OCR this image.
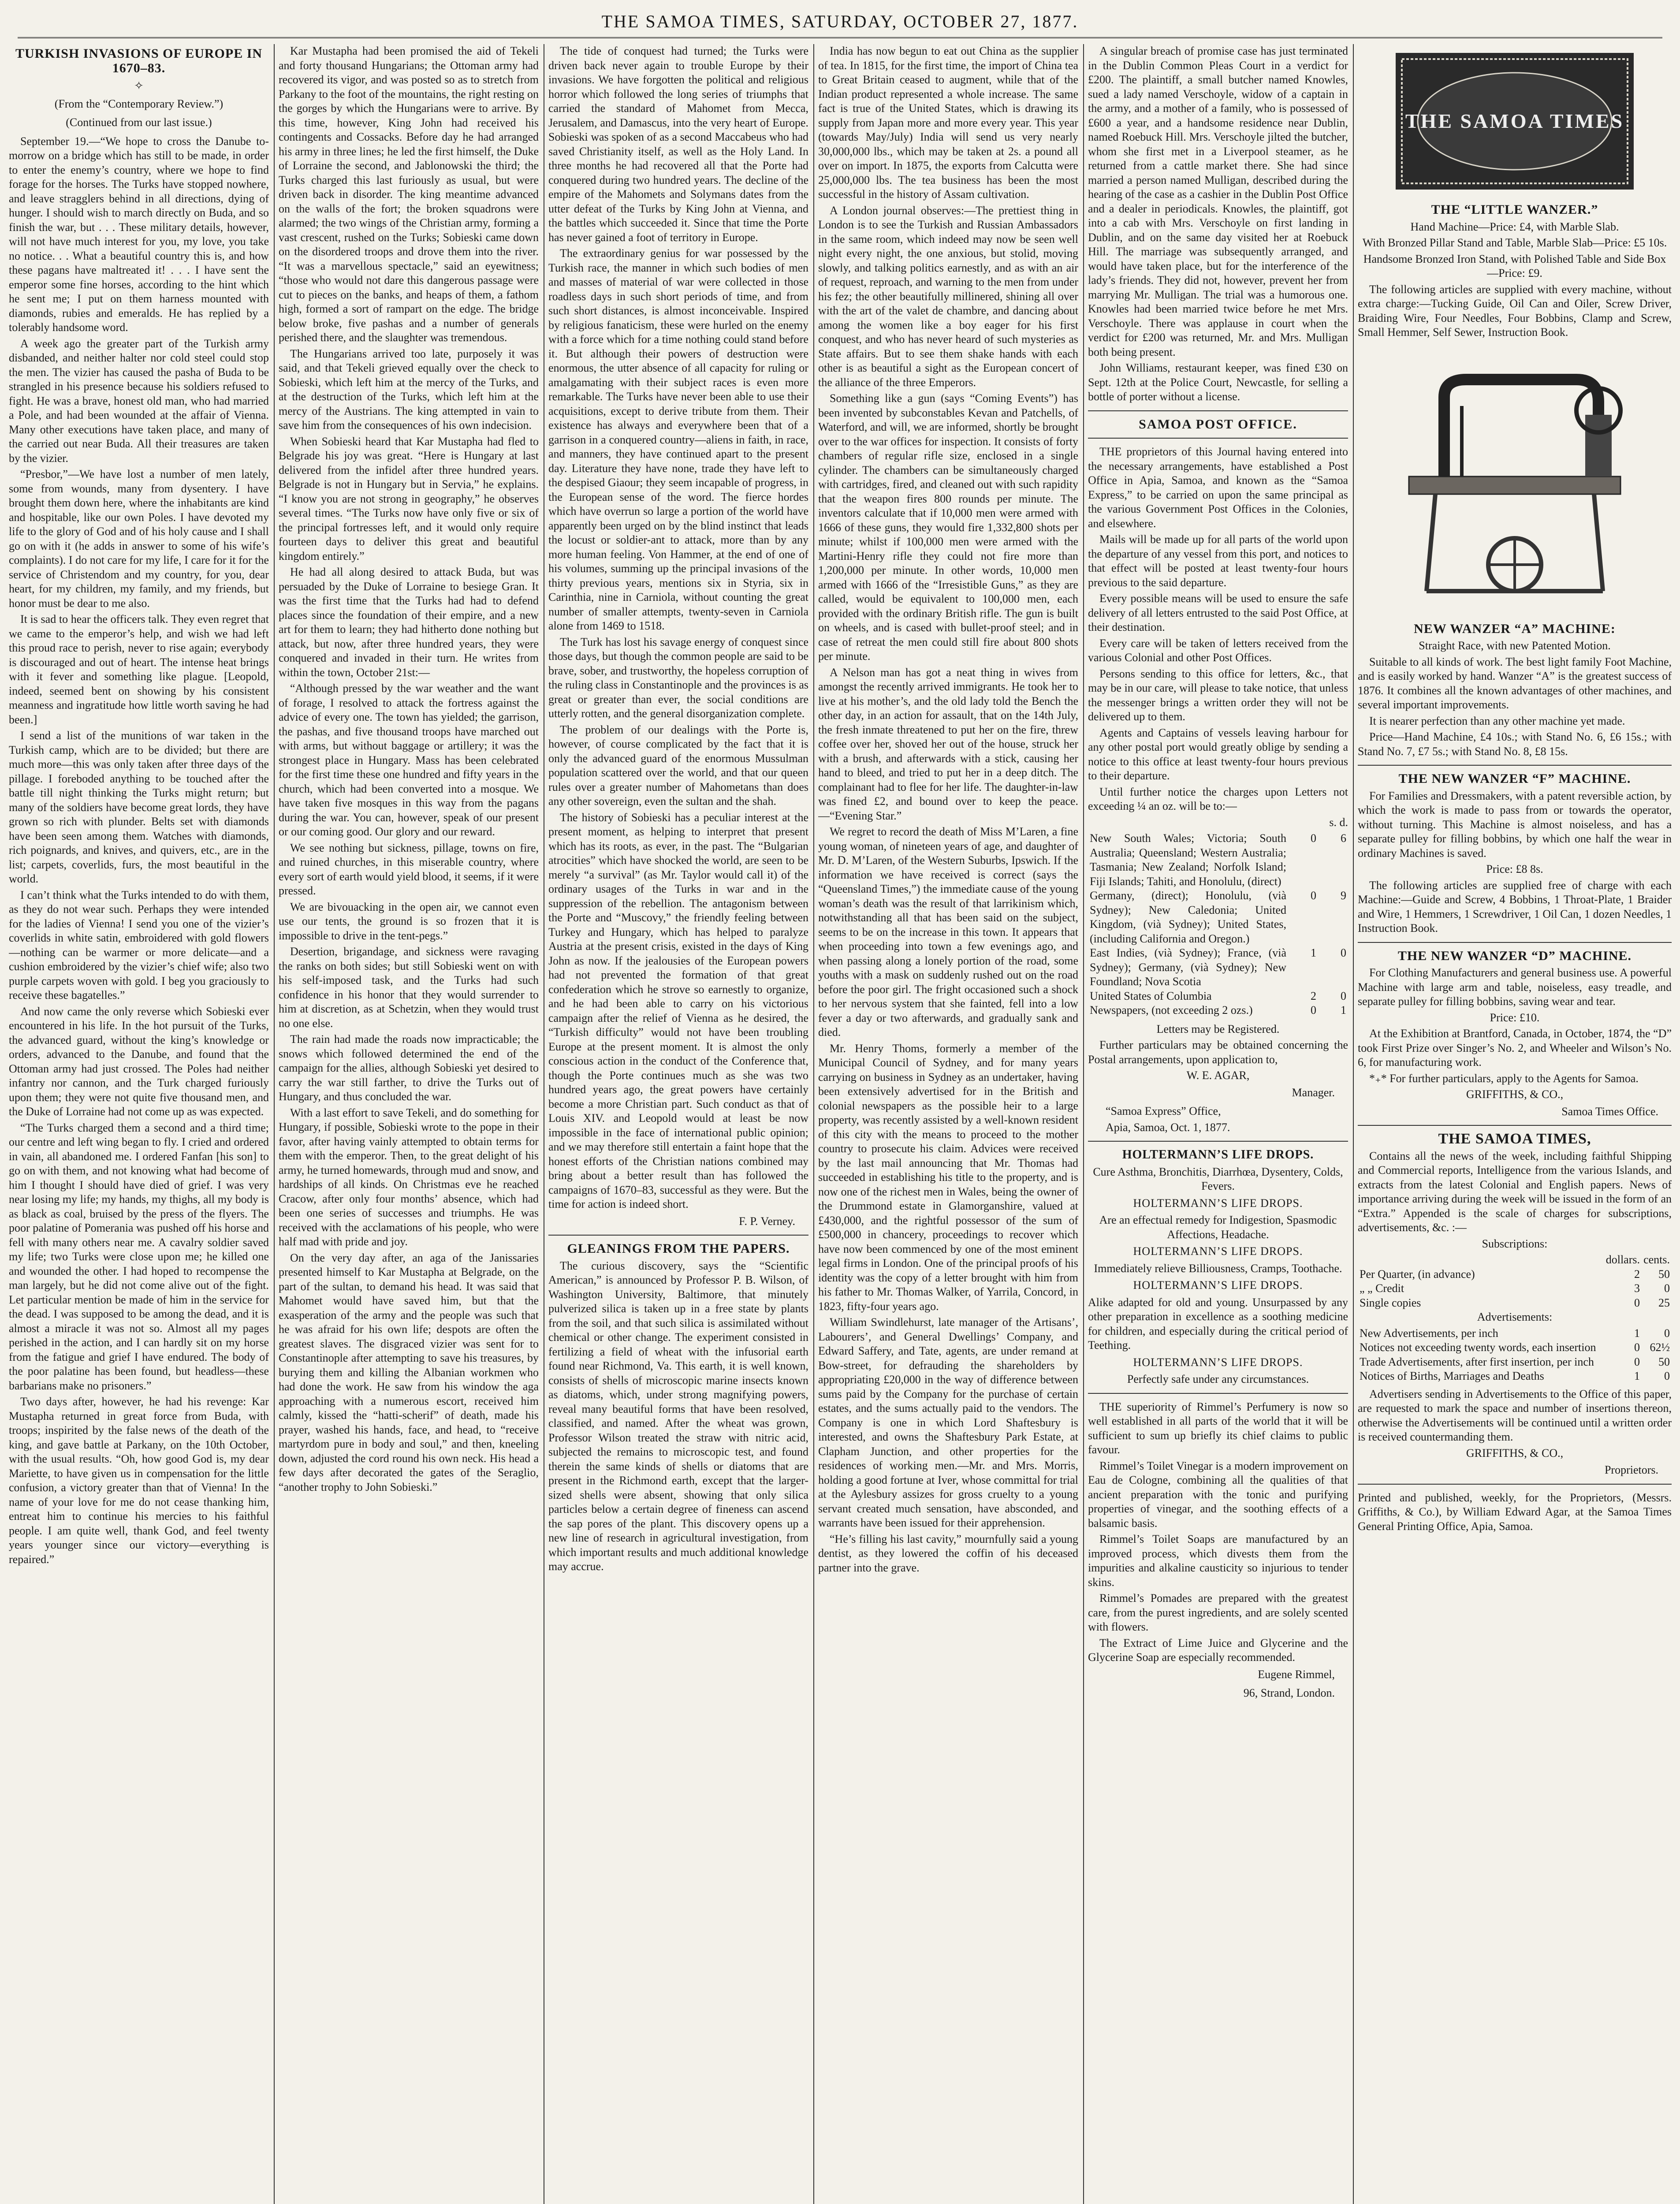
THE SAMOA TIMES, SATURDAY, OCTOBER 27, 1877.

TURKISH INVASIONS OF EUROPE IN 1670–83.

✧

(From the “Contemporary Review.”)

(Continued from our last issue.)

September 19.—“We hope to cross the Danube to-morrow on a bridge which has still to be made, in order to enter the enemy’s country, where we hope to find forage for the horses. The Turks have stopped nowhere, and leave stragglers behind in all directions, dying of hunger. I should wish to march directly on Buda, and so finish the war, but . . . These military details, however, will not have much interest for you, my love, you take no notice. . . What a beautiful country this is, and how these pagans have maltreated it! . . . I have sent the emperor some fine horses, according to the hint which he sent me; I put on them harness mounted with diamonds, rubies and emeralds. He has replied by a tolerably handsome word.

A week ago the greater part of the Turkish army disbanded, and neither halter nor cold steel could stop the men. The vizier has caused the pasha of Buda to be strangled in his presence because his soldiers refused to fight. He was a brave, honest old man, who had married a Pole, and had been wounded at the affair of Vienna. Many other executions have taken place, and many of the carried out near Buda. All their treasures are taken by the vizier.

“Presbor,”—We have lost a number of men lately, some from wounds, many from dysentery. I have brought them down here, where the inhabitants are kind and hospitable, like our own Poles. I have devoted my life to the glory of God and of his holy cause and I shall go on with it (he adds in answer to some of his wife’s complaints). I do not care for my life, I care for it for the service of Christendom and my country, for you, dear heart, for my children, my family, and my friends, but honor must be dear to me also.

It is sad to hear the officers talk. They even regret that we came to the emperor’s help, and wish we had left this proud race to perish, never to rise again; everybody is discouraged and out of heart. The intense heat brings with it fever and something like plague. [Leopold, indeed, seemed bent on showing by his consistent meanness and ingratitude how little worth saving he had been.]

I send a list of the munitions of war taken in the Turkish camp, which are to be divided; but there are much more—this was only taken after three days of the pillage. I foreboded anything to be touched after the battle till night thinking the Turks might return; but many of the soldiers have become great lords, they have grown so rich with plunder. Belts set with diamonds have been seen among them. Watches with diamonds, rich poignards, and knives, and quivers, etc., are in the list; carpets, coverlids, furs, the most beautiful in the world.

I can’t think what the Turks intended to do with them, as they do not wear such. Perhaps they were intended for the ladies of Vienna! I send you one of the vizier’s coverlids in white satin, embroidered with gold flowers—nothing can be warmer or more delicate—and a cushion embroidered by the vizier’s chief wife; also two purple carpets woven with gold. I beg you graciously to receive these bagatelles.”

And now came the only reverse which Sobieski ever encountered in his life. In the hot pursuit of the Turks, the advanced guard, without the king’s knowledge or orders, advanced to the Danube, and found that the Ottoman army had just crossed. The Poles had neither infantry nor cannon, and the Turk charged furiously upon them; they were not quite five thousand men, and the Duke of Lorraine had not come up as was expected.

“The Turks charged them a second and a third time; our centre and left wing began to fly. I cried and ordered in vain, all abandoned me. I ordered Fanfan [his son] to go on with them, and not knowing what had become of him I thought I should have died of grief. I was very near losing my life; my hands, my thighs, all my body is as black as coal, bruised by the press of the flyers. The poor palatine of Pomerania was pushed off his horse and fell with many others near me. A cavalry soldier saved my life; two Turks were close upon me; he killed one and wounded the other. I had hoped to recompense the man largely, but he did not come alive out of the fight. Let particular mention be made of him in the service for the dead. I was supposed to be among the dead, and it is almost a miracle it was not so. Almost all my pages perished in the action, and I can hardly sit on my horse from the fatigue and grief I have endured. The body of the poor palatine has been found, but headless—these barbarians make no prisoners.”

Two days after, however, he had his revenge: Kar Mustapha returned in great force from Buda, with troops; inspirited by the false news of the death of the king, and gave battle at Parkany, on the 10th October, with the usual results. “Oh, how good God is, my dear Mariette, to have given us in compensation for the little confusion, a victory greater than that of Vienna! In the name of your love for me do not cease thanking him, entreat him to continue his mercies to his faithful people. I am quite well, thank God, and feel twenty years younger since our victory—everything is repaired.”

Kar Mustapha had been promised the aid of Tekeli and forty thousand Hungarians; the Ottoman army had recovered its vigor, and was posted so as to stretch from Parkany to the foot of the mountains, the right resting on the gorges by which the Hungarians were to arrive. By this time, however, King John had received his contingents and Cossacks. Before day he had arranged his army in three lines; he led the first himself, the Duke of Lorraine the second, and Jablonowski the third; the Turks charged this last furiously as usual, but were driven back in disorder. The king meantime advanced on the walls of the fort; the broken squadrons were alarmed; the two wings of the Christian army, forming a vast crescent, rushed on the Turks; Sobieski came down on the disordered troops and drove them into the river. “It was a marvellous spectacle,” said an eyewitness; “those who would not dare this dangerous passage were cut to pieces on the banks, and heaps of them, a fathom high, formed a sort of rampart on the edge. The bridge below broke, five pashas and a number of generals perished there, and the slaughter was tremendous.

The Hungarians arrived too late, purposely it was said, and that Tekeli grieved equally over the check to Sobieski, which left him at the mercy of the Turks, and at the destruction of the Turks, which left him at the mercy of the Austrians. The king attempted in vain to save him from the consequences of his own indecision.

When Sobieski heard that Kar Mustapha had fled to Belgrade his joy was great. “Here is Hungary at last delivered from the infidel after three hundred years. Belgrade is not in Hungary but in Servia,” he explains. “I know you are not strong in geography,” he observes several times. “The Turks now have only five or six of the principal fortresses left, and it would only require fourteen days to deliver this great and beautiful kingdom entirely.”

He had all along desired to attack Buda, but was persuaded by the Duke of Lorraine to besiege Gran. It was the first time that the Turks had had to defend places since the foundation of their empire, and a new art for them to learn; they had hitherto done nothing but attack, but now, after three hundred years, they were conquered and invaded in their turn. He writes from within the town, October 21st:—

“Although pressed by the war weather and the want of forage, I resolved to attack the fortress against the advice of every one. The town has yielded; the garrison, the pashas, and five thousand troops have marched out with arms, but without baggage or artillery; it was the strongest place in Hungary. Mass has been celebrated for the first time these one hundred and fifty years in the church, which had been converted into a mosque. We have taken five mosques in this way from the pagans during the war. You can, however, speak of our present or our coming good. Our glory and our reward.

We see nothing but sickness, pillage, towns on fire, and ruined churches, in this miserable country, where every sort of earth would yield blood, it seems, if it were pressed.

We are bivouacking in the open air, we cannot even use our tents, the ground is so frozen that it is impossible to drive in the tent-pegs.”

Desertion, brigandage, and sickness were ravaging the ranks on both sides; but still Sobieski went on with his self-imposed task, and the Turks had such confidence in his honor that they would surrender to him at discretion, as at Schetzin, when they would trust no one else.

The rain had made the roads now impracticable; the snows which followed determined the end of the campaign for the allies, although Sobieski yet desired to carry the war still farther, to drive the Turks out of Hungary, and thus concluded the war.

With a last effort to save Tekeli, and do something for Hungary, if possible, Sobieski wrote to the pope in their favor, after having vainly attempted to obtain terms for them with the emperor. Then, to the great delight of his army, he turned homewards, through mud and snow, and hardships of all kinds. On Christmas eve he reached Cracow, after only four months’ absence, which had been one series of successes and triumphs. He was received with the acclamations of his people, who were half mad with pride and joy.

On the very day after, an aga of the Janissaries presented himself to Kar Mustapha at Belgrade, on the part of the sultan, to demand his head. It was said that Mahomet would have saved him, but that the exasperation of the army and the people was such that he was afraid for his own life; despots are often the greatest slaves. The disgraced vizier was sent for to Constantinople after attempting to save his treasures, by burying them and killing the Albanian workmen who had done the work. He saw from his window the aga approaching with a numerous escort, received him calmly, kissed the “hatti-scherif” of death, made his prayer, washed his hands, face, and head, to “receive martyrdom pure in body and soul,” and then, kneeling down, adjusted the cord round his own neck. His head a few days after decorated the gates of the Seraglio, “another trophy to John Sobieski.”

The tide of conquest had turned; the Turks were driven back never again to trouble Europe by their invasions. We have forgotten the political and religious horror which followed the long series of triumphs that carried the standard of Mahomet from Mecca, Jerusalem, and Damascus, into the very heart of Europe. Sobieski was spoken of as a second Maccabeus who had saved Christianity itself, as well as the Holy Land. In three months he had recovered all that the Porte had conquered during two hundred years. The decline of the empire of the Mahomets and Solymans dates from the utter defeat of the Turks by King John at Vienna, and the battles which succeeded it. Since that time the Porte has never gained a foot of territory in Europe.

The extraordinary genius for war possessed by the Turkish race, the manner in which such bodies of men and masses of material of war were collected in those roadless days in such short periods of time, and from such short distances, is almost inconceivable. Inspired by religious fanaticism, these were hurled on the enemy with a force which for a time nothing could stand before it. But although their powers of destruction were enormous, the utter absence of all capacity for ruling or amalgamating with their subject races is even more remarkable. The Turks have never been able to use their acquisitions, except to derive tribute from them. Their existence has always and everywhere been that of a garrison in a conquered country—aliens in faith, in race, and manners, they have continued apart to the present day. Literature they have none, trade they have left to the despised Giaour; they seem incapable of progress, in the European sense of the word. The fierce hordes which have overrun so large a portion of the world have apparently been urged on by the blind instinct that leads the locust or soldier-ant to attack, more than by any more human feeling. Von Hammer, at the end of one of his volumes, summing up the principal invasions of the thirty previous years, mentions six in Styria, six in Carinthia, nine in Carniola, without counting the great number of smaller attempts, twenty-seven in Carniola alone from 1469 to 1518.

The Turk has lost his savage energy of conquest since those days, but though the common people are said to be brave, sober, and trustworthy, the hopeless corruption of the ruling class in Constantinople and the provinces is as great or greater than ever, the social conditions are utterly rotten, and the general disorganization complete.

The problem of our dealings with the Porte is, however, of course complicated by the fact that it is only the advanced guard of the enormous Mussulman population scattered over the world, and that our queen rules over a greater number of Mahometans than does any other sovereign, even the sultan and the shah.

The history of Sobieski has a peculiar interest at the present moment, as helping to interpret that present which has its roots, as ever, in the past. The “Bulgarian atrocities” which have shocked the world, are seen to be merely “a survival” (as Mr. Taylor would call it) of the ordinary usages of the Turks in war and in the suppression of the rebellion. The antagonism between the Porte and “Muscovy,” the friendly feeling between Turkey and Hungary, which has helped to paralyze Austria at the present crisis, existed in the days of King John as now. If the jealousies of the European powers had not prevented the formation of that great confederation which he strove so earnestly to organize, and he had been able to carry on his victorious campaign after the relief of Vienna as he desired, the “Turkish difficulty” would not have been troubling Europe at the present moment. It is almost the only conscious action in the conduct of the Conference that, though the Porte continues much as she was two hundred years ago, the great powers have certainly become a more Christian part. Such conduct as that of Louis XIV. and Leopold would at least be now impossible in the face of international public opinion; and we may therefore still entertain a faint hope that the honest efforts of the Christian nations combined may bring about a better result than has followed the campaigns of 1670–83, successful as they were. But the time for action is indeed short.

F. P. Verney.

GLEANINGS FROM THE PAPERS.

The curious discovery, says the “Scientific American,” is announced by Professor P. B. Wilson, of Washington University, Baltimore, that minutely pulverized silica is taken up in a free state by plants from the soil, and that such silica is assimilated without chemical or other change. The experiment consisted in fertilizing a field of wheat with the infusorial earth found near Richmond, Va. This earth, it is well known, consists of shells of microscopic marine insects known as diatoms, which, under strong magnifying powers, reveal many beautiful forms that have been resolved, classified, and named. After the wheat was grown, Professor Wilson treated the straw with nitric acid, subjected the remains to microscopic test, and found therein the same kinds of shells or diatoms that are present in the Richmond earth, except that the larger-sized shells were absent, showing that only silica particles below a certain degree of fineness can ascend the sap pores of the plant. This discovery opens up a new line of research in agricultural investigation, from which important results and much additional knowledge may accrue.

India has now begun to eat out China as the supplier of tea. In 1815, for the first time, the import of China tea to Great Britain ceased to augment, while that of the Indian product represented a whole increase. The same fact is true of the United States, which is drawing its supply from Japan more and more every year. This year (towards May/July) India will send us very nearly 30,000,000 lbs., which may be taken at 2s. a pound all over on import. In 1875, the exports from Calcutta were 25,000,000 lbs. The tea business has been the most successful in the history of Assam cultivation.

A London journal observes:—The prettiest thing in London is to see the Turkish and Russian Ambassadors in the same room, which indeed may now be seen well night every night, the one anxious, but stolid, moving slowly, and talking politics earnestly, and as with an air of request, reproach, and warning to the men from under his fez; the other beautifully millinered, shining all over with the art of the valet de chambre, and dancing about among the women like a boy eager for his first conquest, and who has never heard of such mysteries as State affairs. But to see them shake hands with each other is as beautiful a sight as the European concert of the alliance of the three Emperors.

Something like a gun (says “Coming Events”) has been invented by subconstables Kevan and Patchells, of Waterford, and will, we are informed, shortly be brought over to the war offices for inspection. It consists of forty chambers of regular rifle size, enclosed in a single cylinder. The chambers can be simultaneously charged with cartridges, fired, and cleaned out with such rapidity that the weapon fires 800 rounds per minute. The inventors calculate that if 10,000 men were armed with 1666 of these guns, they would fire 1,332,800 shots per minute; whilst if 100,000 men were armed with the Martini-Henry rifle they could not fire more than 1,200,000 per minute. In other words, 10,000 men armed with 1666 of the “Irresistible Guns,” as they are called, would be equivalent to 100,000 men, each provided with the ordinary British rifle. The gun is built on wheels, and is cased with bullet-proof steel; and in case of retreat the men could still fire about 800 shots per minute.

A Nelson man has got a neat thing in wives from amongst the recently arrived immigrants. He took her to live at his mother’s, and the old lady told the Bench the other day, in an action for assault, that on the 14th July, the fresh inmate threatened to put her on the fire, threw coffee over her, shoved her out of the house, struck her with a brush, and afterwards with a stick, causing her hand to bleed, and tried to put her in a deep ditch. The complainant had to flee for her life. The daughter-in-law was fined £2, and bound over to keep the peace.—“Evening Star.”

We regret to record the death of Miss M’Laren, a fine young woman, of nineteen years of age, and daughter of Mr. D. M’Laren, of the Western Suburbs, Ipswich. If the information we have received is correct (says the “Queensland Times,”) the immediate cause of the young woman’s death was the result of that larrikinism which, notwithstanding all that has been said on the subject, seems to be on the increase in this town. It appears that when proceeding into town a few evenings ago, and when passing along a lonely portion of the road, some youths with a mask on suddenly rushed out on the road before the poor girl. The fright occasioned such a shock to her nervous system that she fainted, fell into a low fever a day or two afterwards, and gradually sank and died.

Mr. Henry Thoms, formerly a member of the Municipal Council of Sydney, and for many years carrying on business in Sydney as an undertaker, having been extensively advertised for in the British and colonial newspapers as the possible heir to a large property, was recently assisted by a well-known resident of this city with the means to proceed to the mother country to prosecute his claim. Advices were received by the last mail announcing that Mr. Thomas had succeeded in establishing his title to the property, and is now one of the richest men in Wales, being the owner of the Drummond estate in Glamorganshire, valued at £430,000, and the rightful possessor of the sum of £500,000 in chancery, proceedings to recover which have now been commenced by one of the most eminent legal firms in London. One of the principal proofs of his identity was the copy of a letter brought with him from his father to Mr. Thomas Walker, of Yarrila, Concord, in 1823, fifty-four years ago.

William Swindlehurst, late manager of the Artisans’, Labourers’, and General Dwellings’ Company, and Edward Saffery, and Tate, agents, are under remand at Bow-street, for defrauding the shareholders by appropriating £20,000 in the way of difference between sums paid by the Company for the purchase of certain estates, and the sums actually paid to the vendors. The Company is one in which Lord Shaftesbury is interested, and owns the Shaftesbury Park Estate, at Clapham Junction, and other properties for the residences of working men.—Mr. and Mrs. Morris, holding a good fortune at Iver, whose committal for trial at the Aylesbury assizes for gross cruelty to a young servant created much sensation, have absconded, and warrants have been issued for their apprehension.

“He’s filling his last cavity,” mournfully said a young dentist, as they lowered the coffin of his deceased partner into the grave.

A singular breach of promise case has just terminated in the Dublin Common Pleas Court in a verdict for £200. The plaintiff, a small butcher named Knowles, sued a lady named Verschoyle, widow of a captain in the army, and a mother of a family, who is possessed of £600 a year, and a handsome residence near Dublin, named Roebuck Hill. Mrs. Verschoyle jilted the butcher, whom she first met in a Liverpool steamer, as he returned from a cattle market there. She had since married a person named Mulligan, described during the hearing of the case as a cashier in the Dublin Post Office and a dealer in periodicals. Knowles, the plaintiff, got into a cab with Mrs. Verschoyle on first landing in Dublin, and on the same day visited her at Roebuck Hill. The marriage was subsequently arranged, and would have taken place, but for the interference of the lady’s friends. They did not, however, prevent her from marrying Mr. Mulligan. The trial was a humorous one. Knowles had been married twice before he met Mrs. Verschoyle. There was applause in court when the verdict for £200 was returned, Mr. and Mrs. Mulligan both being present.

John Williams, restaurant keeper, was fined £30 on Sept. 12th at the Police Court, Newcastle, for selling a bottle of porter without a license.

SAMOA POST OFFICE.

THE proprietors of this Journal having entered into the necessary arrangements, have established a Post Office in Apia, Samoa, and known as the “Samoa Express,” to be carried on upon the same principal as the various Government Post Offices in the Colonies, and elsewhere.

Mails will be made up for all parts of the world upon the departure of any vessel from this port, and notices to that effect will be posted at least twenty-four hours previous to the said departure.

Every possible means will be used to ensure the safe delivery of all letters entrusted to the said Post Office, at their destination.

Every care will be taken of letters received from the various Colonial and other Post Offices.

Persons sending to this office for letters, &c., that may be in our care, will please to take notice, that unless the messenger brings a written order they will not be delivered up to them.

Agents and Captains of vessels leaving harbour for any other postal port would greatly oblige by sending a notice to this office at least twenty-four hours previous to their departure.

Until further notice the charges upon Letters not exceeding ¼ an oz. will be to:—

s. d.

New South Wales; Victoria; South Australia; Queensland; Western Australia; Tasmania; New Zealand; Norfolk Island; Fiji Islands; Tahiti, and Honolulu, (direct)	0	6
Germany, (direct); Honolulu, (vià Sydney); New Caledonia; United Kingdom, (vià Sydney); United States, (including California and Oregon.)	0	9
East Indies, (vià Sydney); France, (vià Sydney); Germany, (vià Sydney); New Foundland; Nova Scotia	1	0
United States of Columbia	2	0
Newspapers, (not exceeding 2 ozs.)	0	1

Letters may be Registered.

Further particulars may be obtained concerning the Postal arrangements, upon application to,

W. E. AGAR,

Manager.

“Samoa Express” Office,

Apia, Samoa, Oct. 1, 1877.

HOLTERMANN’S LIFE DROPS.

Cure Asthma, Bronchitis, Diarrhœa, Dysentery, Colds, Fevers.

HOLTERMANN’S LIFE DROPS.

Are an effectual remedy for Indigestion, Spasmodic Affections, Headache.

HOLTERMANN’S LIFE DROPS.

Immediately relieve Billiousness, Cramps, Toothache.

HOLTERMANN’S LIFE DROPS.

Alike adapted for old and young. Unsurpassed by any other preparation in excellence as a soothing medicine for children, and especially during the critical period of Teething.

HOLTERMANN’S LIFE DROPS.

Perfectly safe under any circumstances.

THE superiority of Rimmel’s Perfumery is now so well established in all parts of the world that it will be sufficient to sum up briefly its chief claims to public favour.

Rimmel’s Toilet Vinegar is a modern improvement on Eau de Cologne, combining all the qualities of that ancient preparation with the tonic and purifying properties of vinegar, and the soothing effects of a balsamic basis.

Rimmel’s Toilet Soaps are manufactured by an improved process, which divests them from the impurities and alkaline causticity so injurious to tender skins.

Rimmel’s Pomades are prepared with the greatest care, from the purest ingredients, and are solely scented with flowers.

The Extract of Lime Juice and Glycerine and the Glycerine Soap are especially recommended.

Eugene Rimmel,

96, Strand, London.

THE SAMOA TIMES

THE “LITTLE WANZER.”

Hand Machine—Price: £4, with Marble Slab.

With Bronzed Pillar Stand and Table, Marble Slab—Price: £5 10s.

Handsome Bronzed Iron Stand, with Polished Table and Side Box—Price: £9.

The following articles are supplied with every machine, without extra charge:—Tucking Guide, Oil Can and Oiler, Screw Driver, Braiding Wire, Four Needles, Four Bobbins, Clamp and Screw, Small Hemmer, Self Sewer, Instruction Book.

NEW WANZER “A” MACHINE:

Straight Race, with new Patented Motion.

Suitable to all kinds of work. The best light family Foot Machine, and is easily worked by hand. Wanzer “A” is the greatest success of 1876. It combines all the known advantages of other machines, and several important improvements.

It is nearer perfection than any other machine yet made.

Price—Hand Machine, £4 10s.; with Stand No. 6, £6 15s.; with Stand No. 7, £7 5s.; with Stand No. 8, £8 15s.

THE NEW WANZER “F” MACHINE.

For Families and Dressmakers, with a patent reversible action, by which the work is made to pass from or towards the operator, without turning. This Machine is almost noiseless, and has a separate pulley for filling bobbins, by which one half the wear in ordinary Machines is saved.

Price: £8 8s.

The following articles are supplied free of charge with each Machine:—Guide and Screw, 4 Bobbins, 1 Throat-Plate, 1 Braider and Wire, 1 Hemmers, 1 Screwdriver, 1 Oil Can, 1 dozen Needles, 1 Instruction Book.

THE NEW WANZER “D” MACHINE.

For Clothing Manufacturers and general business use. A powerful Machine with large arm and table, noiseless, easy treadle, and separate pulley for filling bobbins, saving wear and tear.

Price: £10.

At the Exhibition at Brantford, Canada, in October, 1874, the “D” took First Prize over Singer’s No. 2, and Wheeler and Wilson’s No. 6, for manufacturing work.

*₊* For further particulars, apply to the Agents for Samoa.

GRIFFITHS, & CO.,

Samoa Times Office.

THE SAMOA TIMES,

Contains all the news of the week, including faithful Shipping and Commercial reports, Intelligence from the various Islands, and extracts from the latest Colonial and English papers. News of importance arriving during the week will be issued in the form of an “Extra.” Appended is the scale of charges for subscriptions, advertisements, &c. :—

Subscriptions:

	dollars.	cents.
Per Quarter, (in advance)	2	50
„ „ Credit	3	0
Single copies	0	25

Advertisements:

New Advertisements, per inch	1	0
Notices not exceeding twenty words, each insertion	0	62½
Trade Advertisements, after first insertion, per inch	0	50
Notices of Births, Marriages and Deaths	1	0

Advertisers sending in Advertisements to the Office of this paper, are requested to mark the space and number of insertions thereon, otherwise the Advertisements will be continued until a written order is received countermanding them.

GRIFFITHS, & CO.,

Proprietors.

Printed and published, weekly, for the Proprietors, (Messrs. Griffiths, & Co.), by William Edward Agar, at the Samoa Times General Printing Office, Apia, Samoa.
